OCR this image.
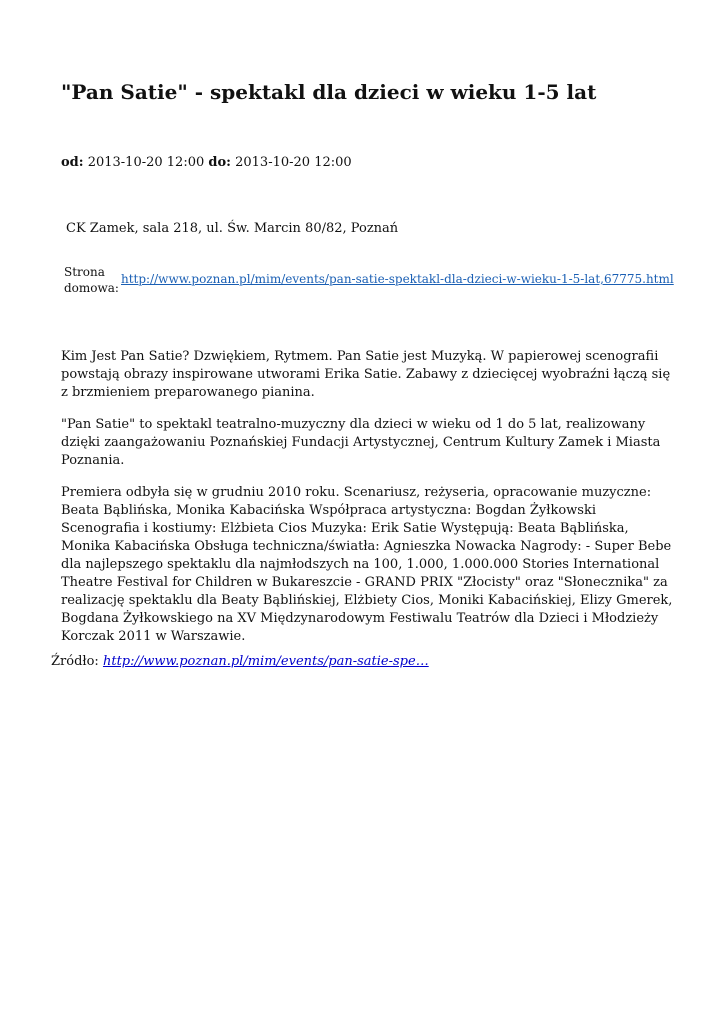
"Pan Satie" - spektakl dla dzieci w wieku 1-5 lat
od: 2013-10-20 12:00 do: 2013-10-20 12:00
CK Zamek, sala 218, ul. Św. Marcin 80/82, Poznań
Strona domowa:
http://www.poznan.pl/mim/events/pan-satie-spektakl-dla-dzieci-w-wieku-1-5-lat,67775.html

Kim Jest Pan Satie? Dzwiękiem, Rytmem. Pan Satie jest Muzyką. W papierowej scenografii powstają obrazy inspirowane utworami Erika Satie. Zabawy z dziecięcej wyobraźni łączą się z brzmieniem preparowanego pianina.

"Pan Satie" to spektakl teatralno-muzyczny dla dzieci w wieku od 1 do 5 lat, realizowany dzięki zaangażowaniu Poznańskiej Fundacji Artystycznej, Centrum Kultury Zamek i Miasta Poznania.

Premiera odbyła się w grudniu 2010 roku. Scenariusz, reżyseria, opracowanie muzyczne: Beata Bąblińska, Monika Kabacińska Współpraca artystyczna: Bogdan Żyłkowski Scenografia i kostiumy: Elżbieta Cios Muzyka: Erik Satie Występują: Beata Bąblińska, Monika Kabacińska Obsługa techniczna/światła: Agnieszka Nowacka Nagrody: - Super Bebe dla najlepszego spektaklu dla najmłodszych na 100, 1.000, 1.000.000 Stories International Theatre Festival for Children w Bukareszcie - GRAND PRIX "Złocisty" oraz "Słonecznika" za realizację spektaklu dla Beaty Bąblińskiej, Elżbiety Cios, Moniki Kabacińskiej, Elizy Gmerek, Bogdana Żyłkowskiego na XV Międzynarodowym Festiwalu Teatrów dla Dzieci i Młodzieży Korczak 2011 w Warszawie.

Źródło: http://www.poznan.pl/mim/events/pan-satie-spe…
